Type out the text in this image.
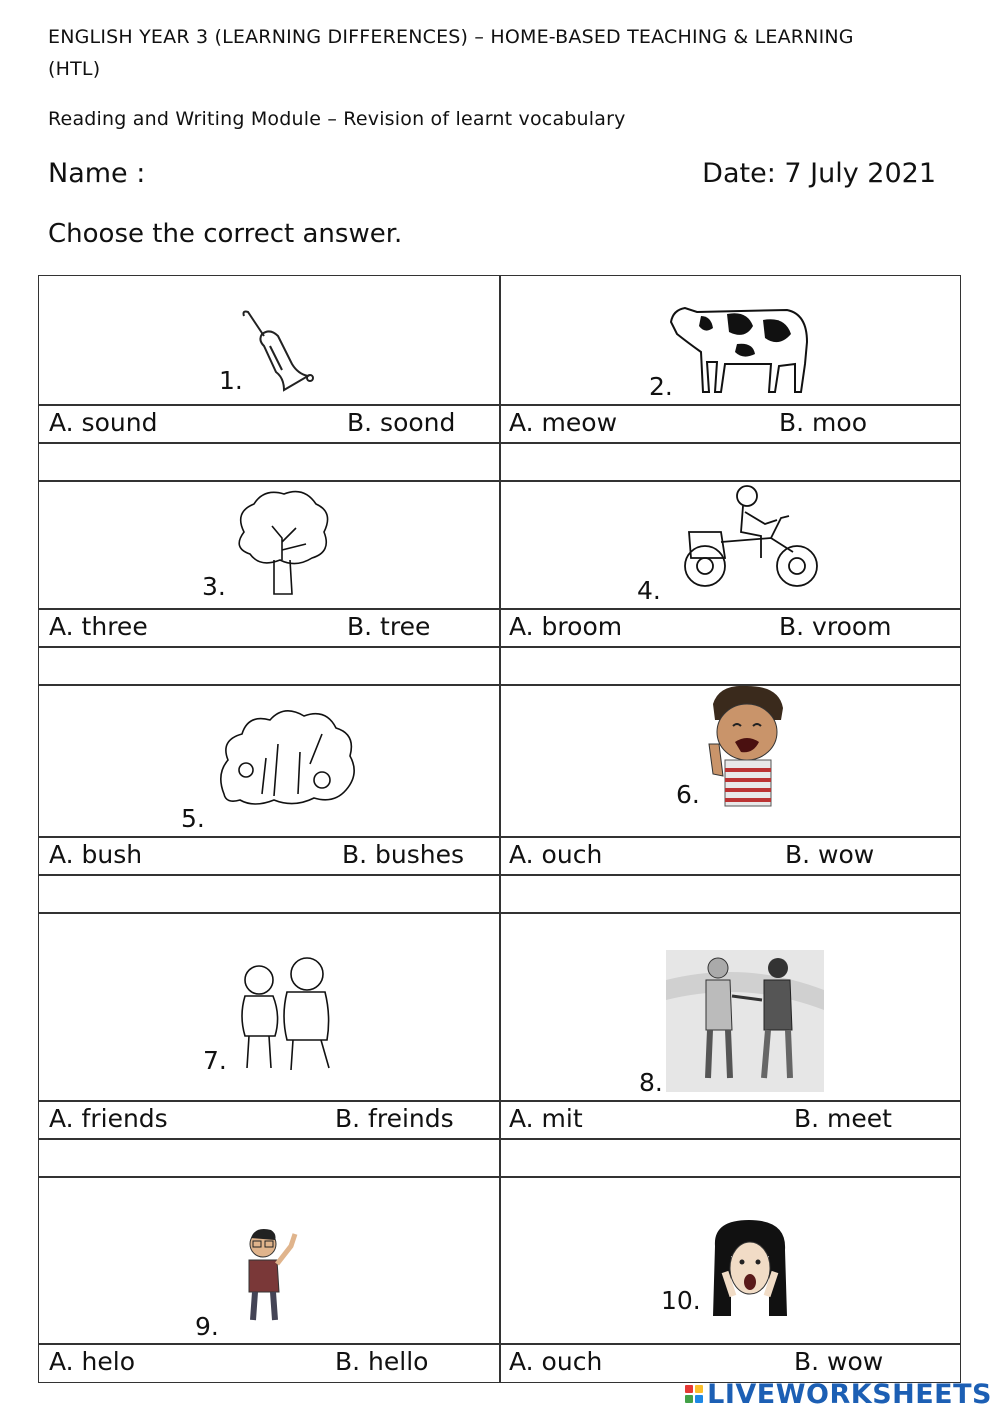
ENGLISH YEAR 3 (LEARNING DIFFERENCES) – HOME-BASED TEACHING & LEARNING
(HTL)
Reading and Writing Module – Revision of learnt vocabulary
Name :	Date: 7 July 2021
Choose the correct answer.
1.
A. sound	B. soond
2.
A. meow	B. moo
3.
A. three	B. tree
4.
A. broom	B. vroom
5.
A. bush	B. bushes
6.
A. ouch	B. wow
7.
A. friends	B. freinds
8.
A. mit	B. meet
9.
A. helo	B. hello
10.
A. ouch	B. wow
LIVEWORKSHEETS
